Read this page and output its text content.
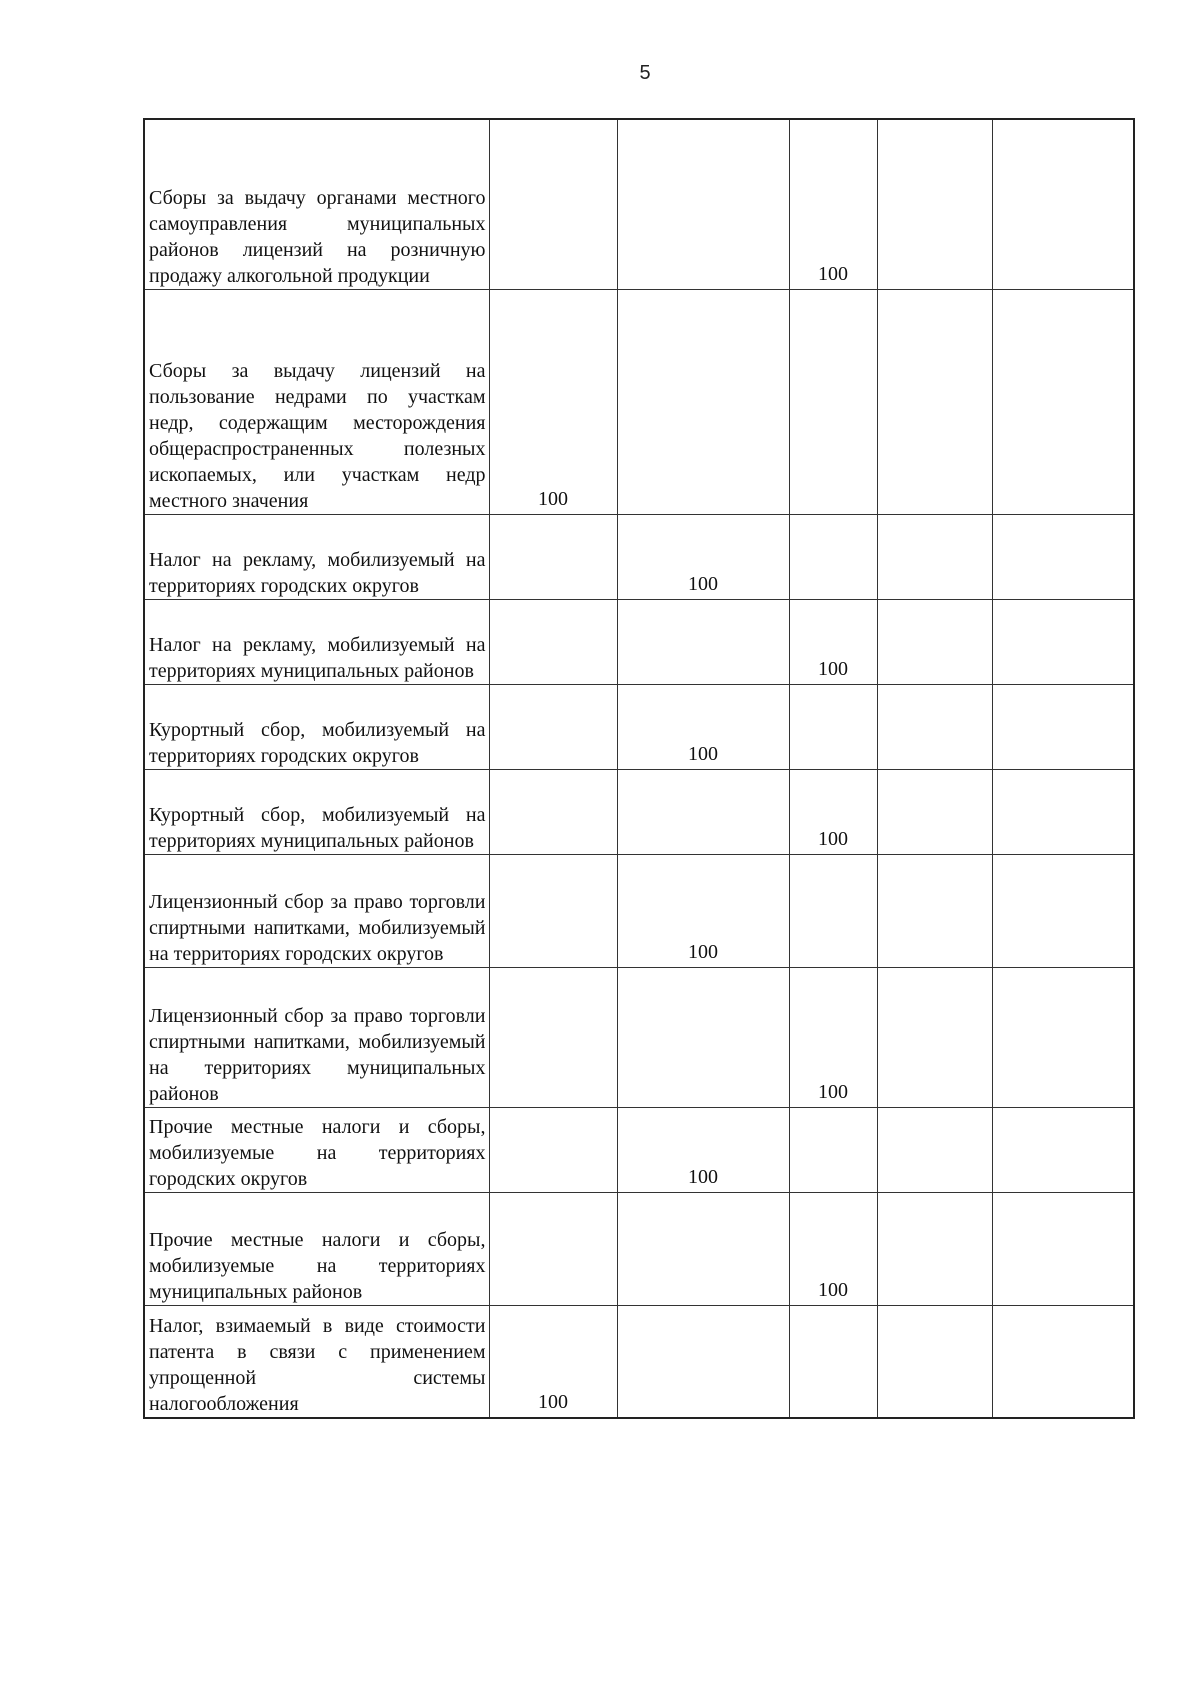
5
Сборы за выдачу органами местного самоуправления муниципальных районов лицензий на розничную продажу алкогольной продукции			100		
Сборы за выдачу лицензий на пользование недрами по участкам недр, содержащим месторождения общераспространенных полезных ископаемых, или участкам недр местного значения	100				
Налог на рекламу, мобилизуемый на территориях городских округов		100			
Налог на рекламу, мобилизуемый на территориях муниципальных районов			100		
Курортный сбор, мобилизуемый на территориях городских округов		100			
Курортный сбор, мобилизуемый на территориях муниципальных районов			100		
Лицензионный сбор за право торговли спиртными напитками, мобилизуемый на территориях городских округов		100			
Лицензионный сбор за право торговли спиртными напитками, мобилизуемый на территориях муниципальных районов			100		
Прочие местные налоги и сборы, мобилизуемые на территориях городских округов		100			
Прочие местные налоги и сборы, мобилизуемые на территориях муниципальных районов			100		
Налог, взимаемый в виде стоимости патента в связи с применением упрощенной системы налогообложения	100				
